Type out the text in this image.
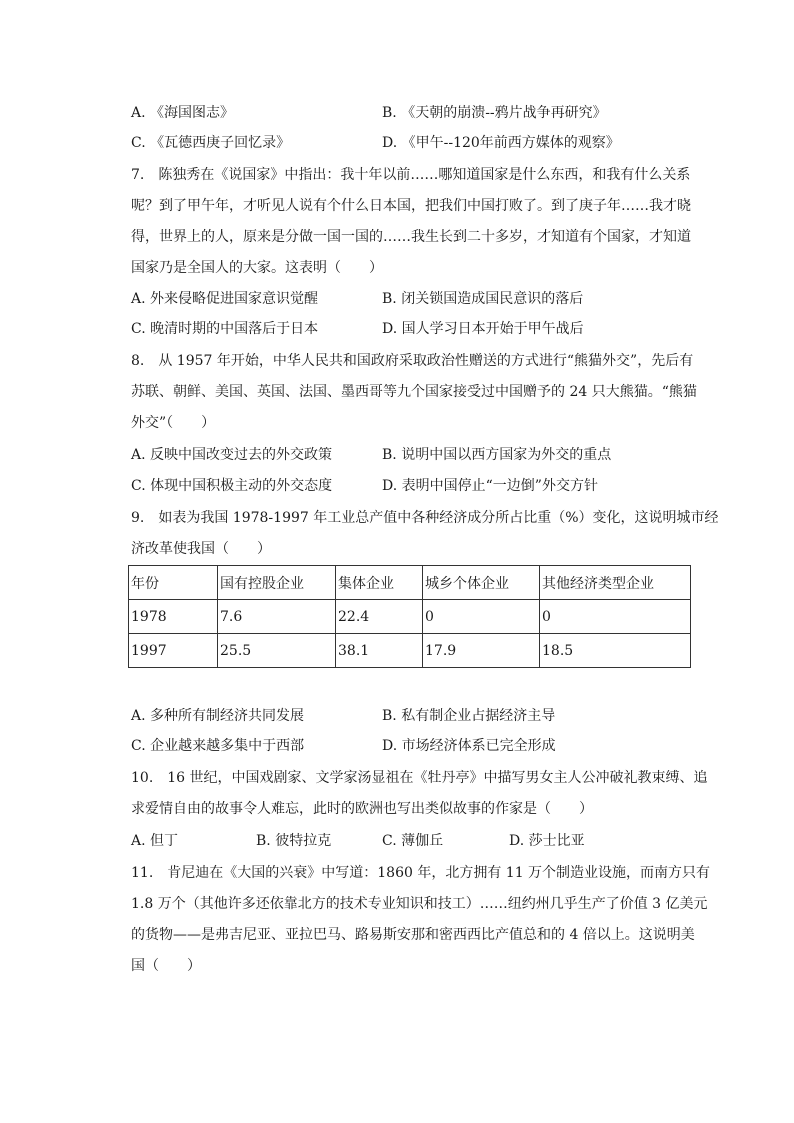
A. 《海国图志》	B. 《天朝的崩溃--鸦片战争再研究》
C. 《瓦德西庚子回忆录》	D. 《甲午--120年前西方媒体的观察》
7.　陈独秀在《说国家》中指出：我十年以前……哪知道国家是什么东西，和我有什么关系
呢？到了甲午年，才听见人说有个什么日本国，把我们中国打败了。到了庚子年……我才晓
得，世界上的人，原来是分做一国一国的……我生长到二十多岁，才知道有个国家，才知道
国家乃是全国人的大家。这表明（　　）
A. 外来侵略促进国家意识觉醒	B. 闭关锁国造成国民意识的落后
C. 晚清时期的中国落后于日本	D. 国人学习日本开始于甲午战后
8.　从 1957 年开始，中华人民共和国政府采取政治性赠送的方式进行“熊猫外交”，先后有
苏联、朝鲜、美国、英国、法国、墨西哥等九个国家接受过中国赠予的 24 只大熊猫。“熊猫
外交”（　　）
A. 反映中国改变过去的外交政策	B. 说明中国以西方国家为外交的重点
C. 体现中国积极主动的外交态度	D. 表明中国停止“一边倒”外交方针
9.　如表为我国 1978-1997 年工业总产值中各种经济成分所占比重（%）变化，这说明城市经
济改革使我国（　　）
年份	国有控股企业	集体企业	城乡个体企业	其他经济类型企业
1978	7.6	22.4	0	0
1997	25.5	38.1	17.9	18.5
A. 多种所有制经济共同发展	B. 私有制企业占据经济主导
C. 企业越来越多集中于西部	D. 市场经济体系已完全形成
10.　16 世纪，中国戏剧家、文学家汤显祖在《牡丹亭》中描写男女主人公冲破礼教束缚、追
求爱情自由的故事令人难忘，此时的欧洲也写出类似故事的作家是（　　）
A. 但丁	B. 彼特拉克	C. 薄伽丘	D. 莎士比亚
11.　肯尼迪在《大国的兴衰》中写道：1860 年，北方拥有 11 万个制造业设施，而南方只有
1.8 万个（其他许多还依靠北方的技术专业知识和技工）……纽约州几乎生产了价值 3 亿美元
的货物——是弗吉尼亚、亚拉巴马、路易斯安那和密西西比产值总和的 4 倍以上。这说明美
国（　　）
